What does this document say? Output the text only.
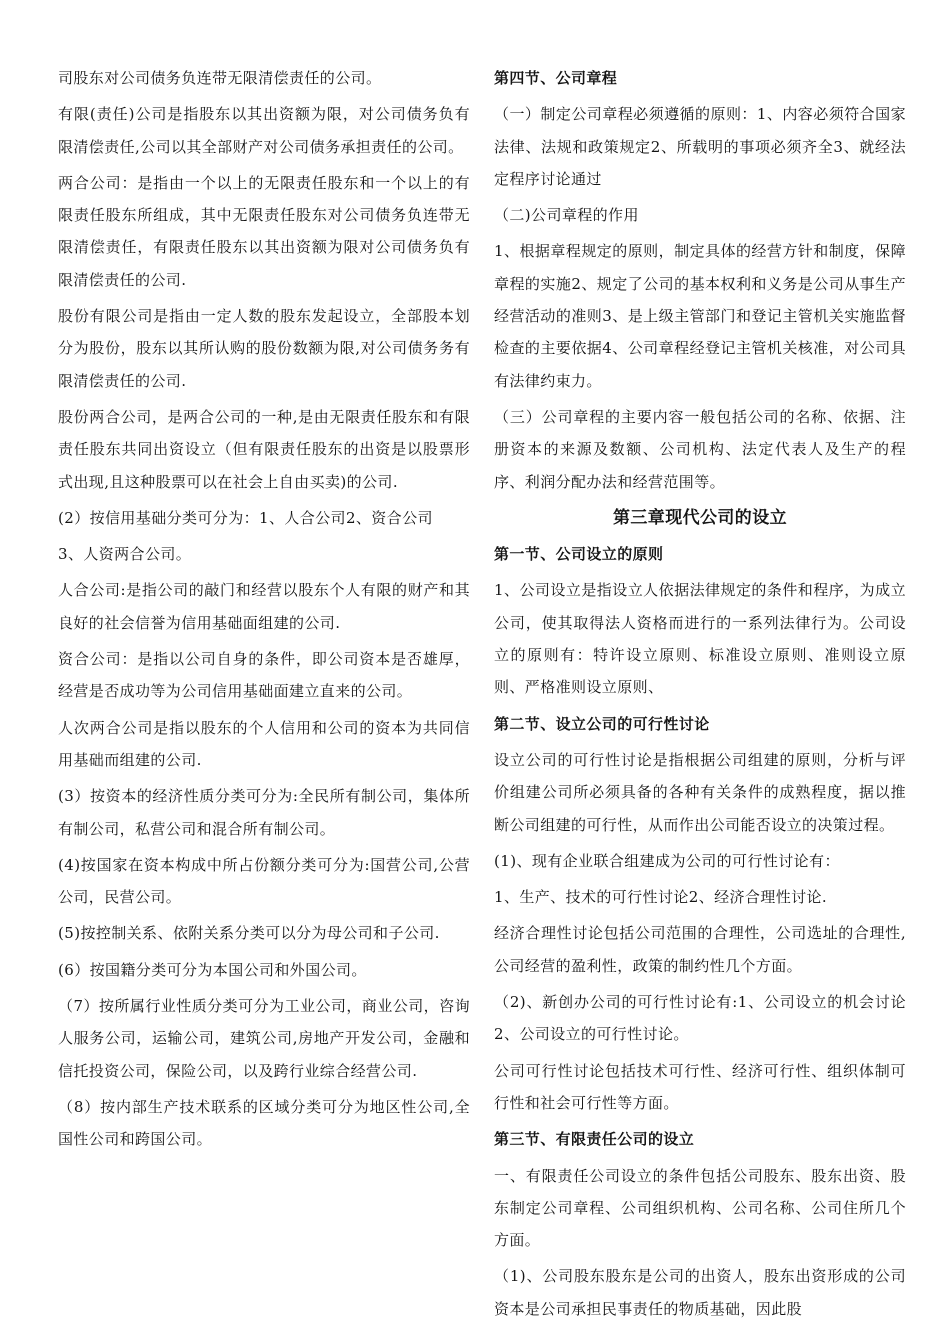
司股东对公司债务负连带无限清偿责任的公司。

有限(责任)公司是指股东以其出资额为限，对公司债务负有限清偿责任,公司以其全部财产对公司债务承担责任的公司。

两合公司：是指由一个以上的无限责任股东和一个以上的有限责任股东所组成，其中无限责任股东对公司债务负连带无限清偿责任，有限责任股东以其出资额为限对公司债务负有限清偿责任的公司.

股份有限公司是指由一定人数的股东发起设立，全部股本划分为股份，股东以其所认购的股份数额为限,对公司债务务有限清偿责任的公司.

股份两合公司，是两合公司的一种,是由无限责任股东和有限责任股东共同出资设立（但有限责任股东的出资是以股票形式出现,且这种股票可以在社会上自由买卖)的公司.

(2）按信用基础分类可分为：1、人合公司2、资合公司

3、人资两合公司。

人合公司:是指公司的敲门和经营以股东个人有限的财产和其良好的社会信誉为信用基础面组建的公司.

资合公司：是指以公司自身的条件，即公司资本是否雄厚，经营是否成功等为公司信用基础面建立直来的公司。

人次两合公司是指以股东的个人信用和公司的资本为共同信用基础而组建的公司.

(3）按资本的经济性质分类可分为:全民所有制公司，集体所有制公司，私营公司和混合所有制公司。

(4)按国家在资本构成中所占份额分类可分为:国营公司,公营公司，民营公司。

(5)按控制关系、依附关系分类可以分为母公司和子公司.

(6）按国籍分类可分为本国公司和外国公司。

（7）按所属行业性质分类可分为工业公司，商业公司，咨询人服务公司，运输公司，建筑公司,房地产开发公司，金融和信托投资公司，保险公司，以及跨行业综合经营公司.

（8）按内部生产技术联系的区域分类可分为地区性公司,全国性公司和跨国公司。

第四节、公司章程

（一）制定公司章程必须遵循的原则：1、内容必须符合国家法律、法规和政策规定2、所载明的事项必须齐全3、就经法定程序讨论通过

（二)公司章程的作用

1、根据章程规定的原则，制定具体的经营方针和制度，保障章程的实施2、规定了公司的基本权利和义务是公司从事生产经营活动的准则3、是上级主管部门和登记主管机关实施监督检查的主要依据4、公司章程经登记主管机关核准，对公司具有法律约束力。

（三）公司章程的主要内容一般包括公司的名称、依据、注册资本的来源及数额、公司机构、法定代表人及生产的程序、利润分配办法和经营范围等。

第三章现代公司的设立

第一节、公司设立的原则

1、公司设立是指设立人依据法律规定的条件和程序，为成立公司，使其取得法人资格而进行的一系列法律行为。公司设立的原则有：特许设立原则、标准设立原则、准则设立原则、严格准则设立原则、

第二节、设立公司的可行性讨论

设立公司的可行性讨论是指根据公司组建的原则，分析与评价组建公司所必须具备的各种有关条件的成熟程度，据以推断公司组建的可行性，从而作出公司能否设立的决策过程。

(1)、现有企业联合组建成为公司的可行性讨论有：

1、生产、技术的可行性讨论2、经济合理性讨论.

经济合理性讨论包括公司范围的合理性，公司选址的合理性,公司经营的盈利性，政策的制约性几个方面。

（2)、新创办公司的可行性讨论有:1、公司设立的机会讨论2、公司设立的可行性讨论。

公司可行性讨论包括技术可行性、经济可行性、组织体制可行性和社会可行性等方面。

第三节、有限责任公司的设立

一、有限责任公司设立的条件包括公司股东、股东出资、股东制定公司章程、公司组织机构、公司名称、公司住所几个方面。

（1)、公司股东股东是公司的出资人，股东出资形成的公司资本是公司承担民事责任的物质基础，因此股
